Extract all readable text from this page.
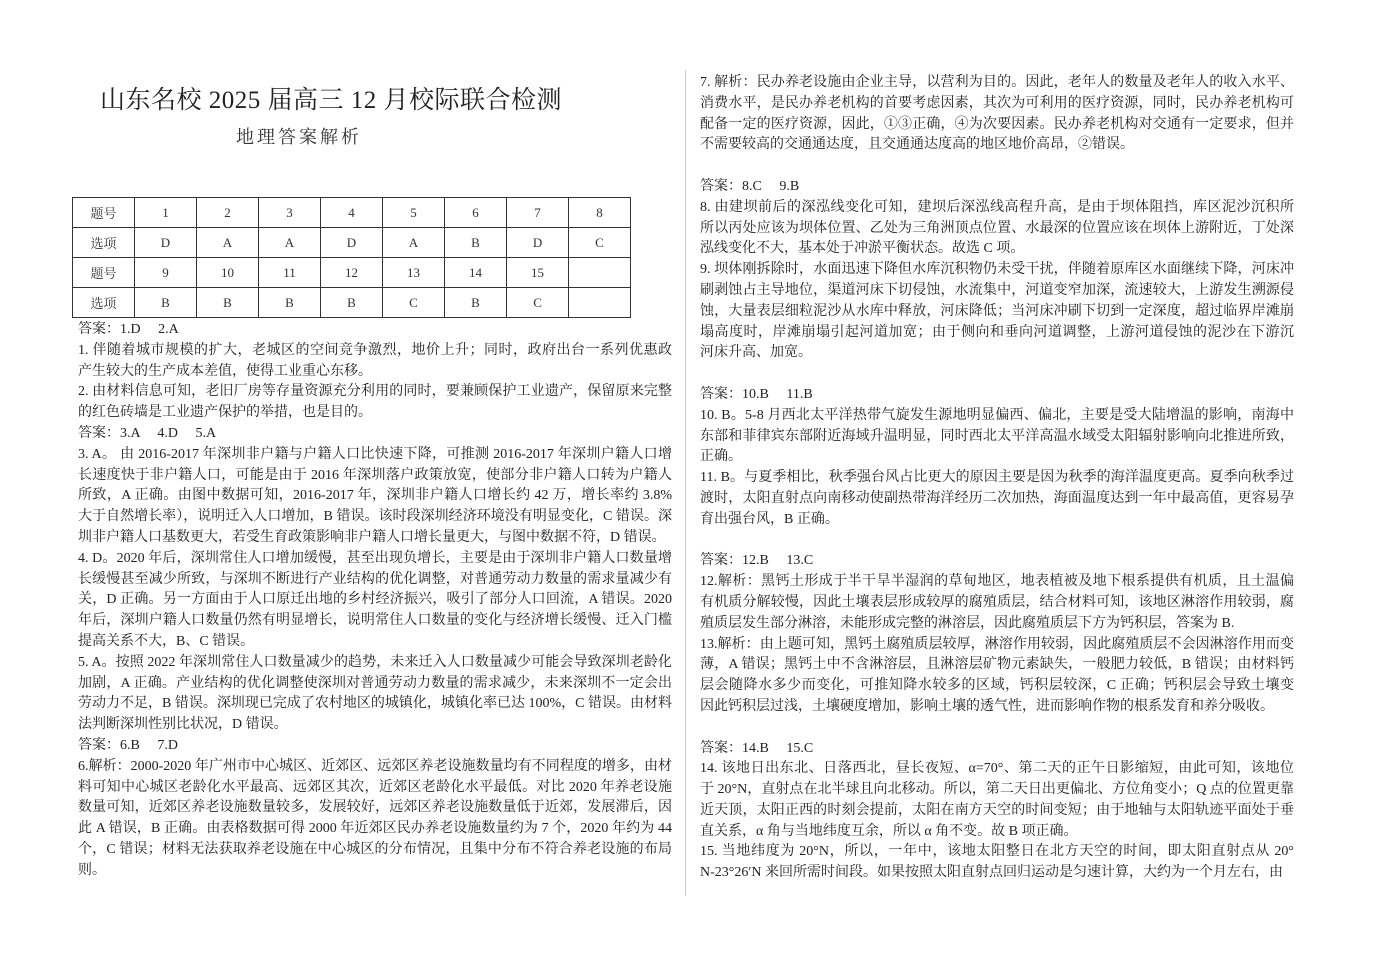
山东名校 2025 届高三 12 月校际联合检测
地理答案解析
题号	1	2	3	4	5	6	7	8
选项	D	A	A	D	A	B	D	C
题号	9	10	11	12	13	14	15	
选项	B	B	B	B	C	B	C	
答案：1.D　 2.A
1. 伴随着城市规模的扩大，老城区的空间竞争激烈，地价上升；同时，政府出台一系列优惠政
产生较大的生产成本差值，使得工业重心东移。
2. 由材料信息可知，老旧厂房等存量资源充分利用的同时，要兼顾保护工业遗产，保留原来完整
的红色砖墙是工业遗产保护的举措，也是目的。
答案：3.A　 4.D　 5.A
3. A。 由 2016-2017 年深圳非户籍与户籍人口比快速下降，可推测 2016-2017 年深圳户籍人口增
长速度快于非户籍人口，可能是由于 2016 年深圳落户政策放宽，使部分非户籍人口转为户籍人
所致，A 正确。由图中数据可知，2016-2017 年，深圳非户籍人口增长约 42 万，增长率约 3.8%
大于自然增长率），说明迁入人口增加，B 错误。该时段深圳经济环境没有明显变化，C 错误。深
圳非户籍人口基数更大，若受生育政策影响非户籍人口增长量更大，与图中数据不符，D 错误。
4. D。2020 年后，深圳常住人口增加缓慢，甚至出现负增长，主要是由于深圳非户籍人口数量增
长缓慢甚至减少所致，与深圳不断进行产业结构的优化调整，对普通劳动力数量的需求量减少有
关，D 正确。另一方面由于人口原迁出地的乡村经济振兴，吸引了部分人口回流，A 错误。2020
年后，深圳户籍人口数量仍然有明显增长，说明常住人口数量的变化与经济增长缓慢、迁入门槛
提高关系不大，B、C 错误。
5. A。按照 2022 年深圳常住人口数量减少的趋势，未来迁入人口数量减少可能会导致深圳老龄化
加剧，A 正确。产业结构的优化调整使深圳对普通劳动力数量的需求减少，未来深圳不一定会出
劳动力不足，B 错误。深圳现已完成了农村地区的城镇化，城镇化率已达 100%，C 错误。由材料
法判断深圳性别比状况，D 错误。
答案：6.B　 7.D
6.解析：2000-2020 年广州市中心城区、近郊区、远郊区养老设施数量均有不同程度的增多，由材
料可知中心城区老龄化水平最高、远郊区其次，近郊区老龄化水平最低。对比 2020 年养老设施
数量可知，近郊区养老设施数量较多，发展较好，远郊区养老设施数量低于近郊，发展滞后，因
此 A 错误，B 正确。由表格数据可得 2000 年近郊区民办养老设施数量约为 7 个，2020 年约为 44
个，C 错误；材料无法获取养老设施在中心城区的分布情况，且集中分布不符合养老设施的布局
则。
7. 解析：民办养老设施由企业主导，以营利为目的。因此，老年人的数量及老年人的收入水平、
消费水平，是民办养老机构的首要考虑因素，其次为可利用的医疗资源，同时，民办养老机构可
配备一定的医疗资源，因此，①③正确，④为次要因素。民办养老机构对交通有一定要求，但并
不需要较高的交通通达度，且交通通达度高的地区地价高昂，②错误。
答案：8.C　 9.B
8. 由建坝前后的深泓线变化可知，建坝后深泓线高程升高，是由于坝体阻挡，库区泥沙沉积所
所以丙处应该为坝体位置、乙处为三角洲顶点位置、水最深的位置应该在坝体上游附近，丁处深
泓线变化不大，基本处于冲淤平衡状态。故选 C 项。
9. 坝体刚拆除时，水面迅速下降但水库沉积物仍未受干扰，伴随着原库区水面继续下降，河床冲
刷剥蚀占主导地位，渠道河床下切侵蚀，水流集中，河道变窄加深，流速较大，上游发生溯源侵
蚀，大量表层细粒泥沙从水库中释放，河床降低；当河床冲刷下切到一定深度，超过临界岸滩崩
塌高度时，岸滩崩塌引起河道加宽；由于侧向和垂向河道调整，上游河道侵蚀的泥沙在下游沉
河床升高、加宽。
答案：10.B　 11.B
10. B。5-8 月西北太平洋热带气旋发生源地明显偏西、偏北，主要是受大陆增温的影响，南海中
东部和菲律宾东部附近海域升温明显，同时西北太平洋高温水域受太阳辐射影响向北推进所致，
正确。
11. B。与夏季相比，秋季强台风占比更大的原因主要是因为秋季的海洋温度更高。夏季向秋季过
渡时，太阳直射点向南移动使副热带海洋经历二次加热，海面温度达到一年中最高值，更容易孕
育出强台风，B 正确。
答案：12.B　 13.C
12.解析：黑钙土形成于半干旱半湿润的草甸地区，地表植被及地下根系提供有机质，且土温偏
有机质分解较慢，因此土壤表层形成较厚的腐殖质层，结合材料可知，该地区淋溶作用较弱，腐
殖质层发生部分淋溶，未能形成完整的淋溶层，因此腐殖质层下方为钙积层，答案为 B.
13.解析：由上题可知，黑钙土腐殖质层较厚，淋溶作用较弱，因此腐殖质层不会因淋溶作用而变
薄，A 错误；黑钙土中不含淋溶层，且淋溶层矿物元素缺失，一般肥力较低，B 错误；由材料钙
层会随降水多少而变化，可推知降水较多的区域，钙积层较深，C 正确；钙积层会导致土壤变
因此钙积层过浅，土壤硬度增加，影响土壤的透气性，进而影响作物的根系发育和养分吸收。
答案：14.B　 15.C
14. 该地日出东北、日落西北，昼长夜短、α=70°、第二天的正午日影缩短，由此可知，该地位
于 20°N，直射点在北半球且向北移动。所以，第二天日出更偏北、方位角变小；Q 点的位置更靠
近天顶，太阳正西的时刻会提前，太阳在南方天空的时间变短；由于地轴与太阳轨迹平面处于垂
直关系，α 角与当地纬度互余，所以 α 角不变。故 B 项正确。
15. 当地纬度为 20°N，所以，一年中，该地太阳整日在北方天空的时间，即太阳直射点从 20°
N-23°26′N 来回所需时间段。如果按照太阳直射点回归运动是匀速计算，大约为一个月左右，由
